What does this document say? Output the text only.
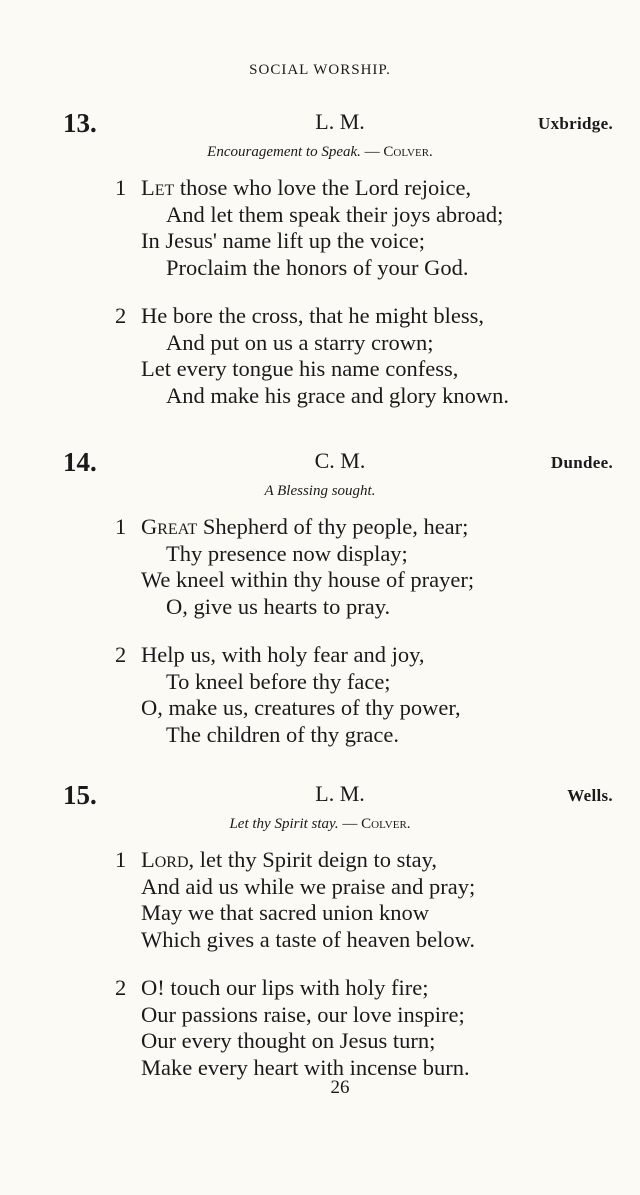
SOCIAL WORSHIP.
13.	L. M.	Uxbridge.
Encouragement to Speak. — Colver.
1 Let those who love the Lord rejoice,
And let them speak their joys abroad;
In Jesus' name lift up the voice;
Proclaim the honors of your God.
2 He bore the cross, that he might bless,
And put on us a starry crown;
Let every tongue his name confess,
And make his grace and glory known.
14.	C. M.	Dundee.
A Blessing sought.
1 Great Shepherd of thy people, hear;
Thy presence now display;
We kneel within thy house of prayer;
O, give us hearts to pray.
2 Help us, with holy fear and joy,
To kneel before thy face;
O, make us, creatures of thy power,
The children of thy grace.
15.	L. M.	Wells.
Let thy Spirit stay. — Colver.
1 Lord, let thy Spirit deign to stay,
And aid us while we praise and pray;
May we that sacred union know
Which gives a taste of heaven below.
2 O! touch our lips with holy fire;
Our passions raise, our love inspire;
Our every thought on Jesus turn;
Make every heart with incense burn.
26
